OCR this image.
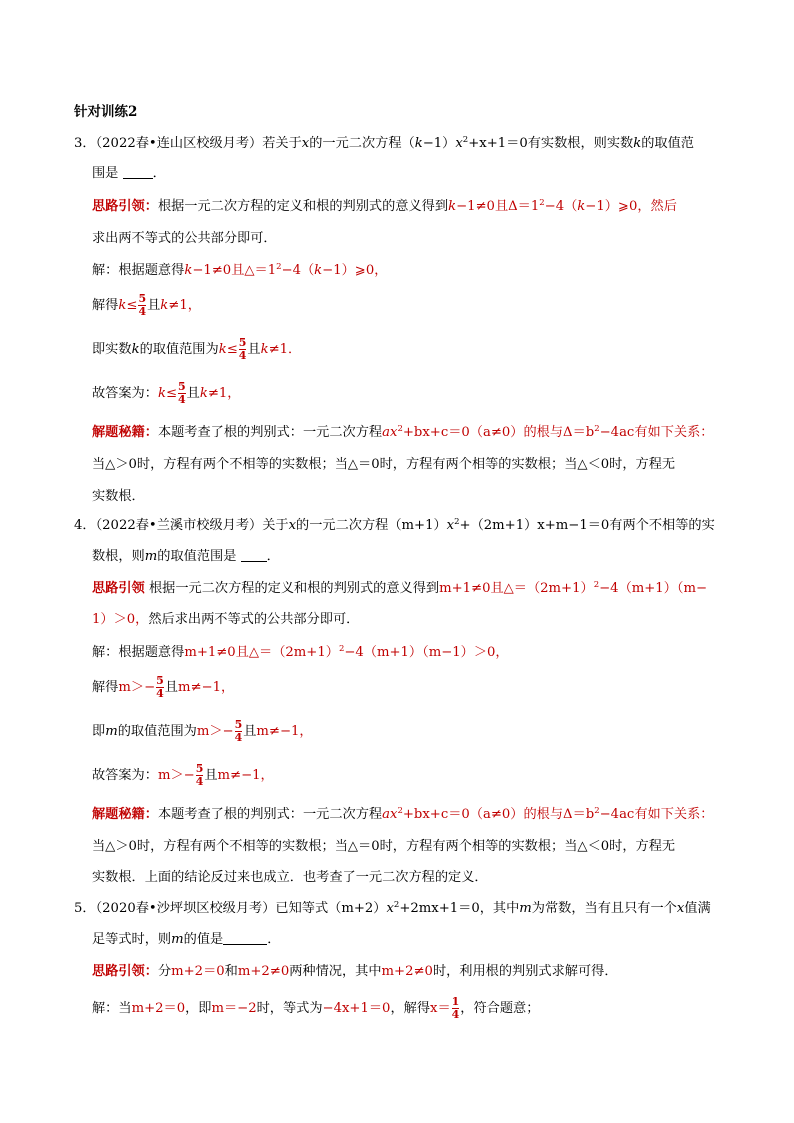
针对训练2
3．（2022春•连山区校级月考）若关于x的一元二次方程$(k-1)x^2+x+1=0$有实数根，则实数k的取值范
围是	．
思路引领：根据一元二次方程的定义和根的判别式的意义得到k−1≠0且$\Delta=1^2-4(k-1)⩾0$，然后
求出两不等式的公共部分即可．
解：根据题意得k−1≠0且$\triangle=1^2-4(k-1)⩾0$，
解得$k\le \frac{5}{4}$ 且k≠1，
即实数k的取值范围为$k\le \frac{5}{4}$ 且k≠1．
故答案为：$k\le \frac{5}{4}$ 且k≠1，
解题秘籍：本题考查了根的判别式：一元二次方程$ax^2+bx+c=0(a\ne 0)$的根与$\Delta=b^2-4ac$有如下关系：
当△＞0时，方程有两个不相等的实数根；当△＝0时，方程有两个相等的实数根；当△＜0时，方程无
实数根．
4．（2022春•兰溪市校级月考）关于x的一元二次方程$(m+1)x^2+(2m+1)x+m-1=0$有两个不相等的实
数根，则m的取值范围是 ．
思路引领 根据一元二次方程的定义和根的判别式的意义得到m+1≠0且$\triangle=(2m+1)^2-4(m+1)(m-$
1）＞0，然后求出两不等式的公共部分即可．
解：根据题意得m+1≠0且$\triangle=(2m+1)^2-4(m+1)(m-1)>0$，
解得$m>- \frac{5}{4}$ 且m≠−1，
即m的取值范围为$m>- \frac{5}{4}$ 且m≠−1，
故答案为：$m>- \frac{5}{4}$ 且m≠−1，
解题秘籍：本题考查了根的判别式：一元二次方程$ax^2+bx+c=0(a\ne 0)$的根与$\Delta=b^2-4ac$有如下关系：
当△＞0时，方程有两个不相等的实数根；当△＝0时，方程有两个相等的实数根；当△＜0时，方程无
实数根．上面的结论反过来也成立．也考查了一元二次方程的定义．
5．（2020春•沙坪坝区校级月考）已知等式$(m+2)x^2+2mx+1=0$，其中m为常数，当有且只有一个x值满
足等式时，则m的值是	．
思路引领：分m+2＝0和m+2≠0两种情况，其中m+2≠0时，利用根的判别式求解可得．
解：当m+2＝0，即m＝−2时，等式为−4x+1＝0，解得$x= \frac{1}{4}$ ，符合题意；
